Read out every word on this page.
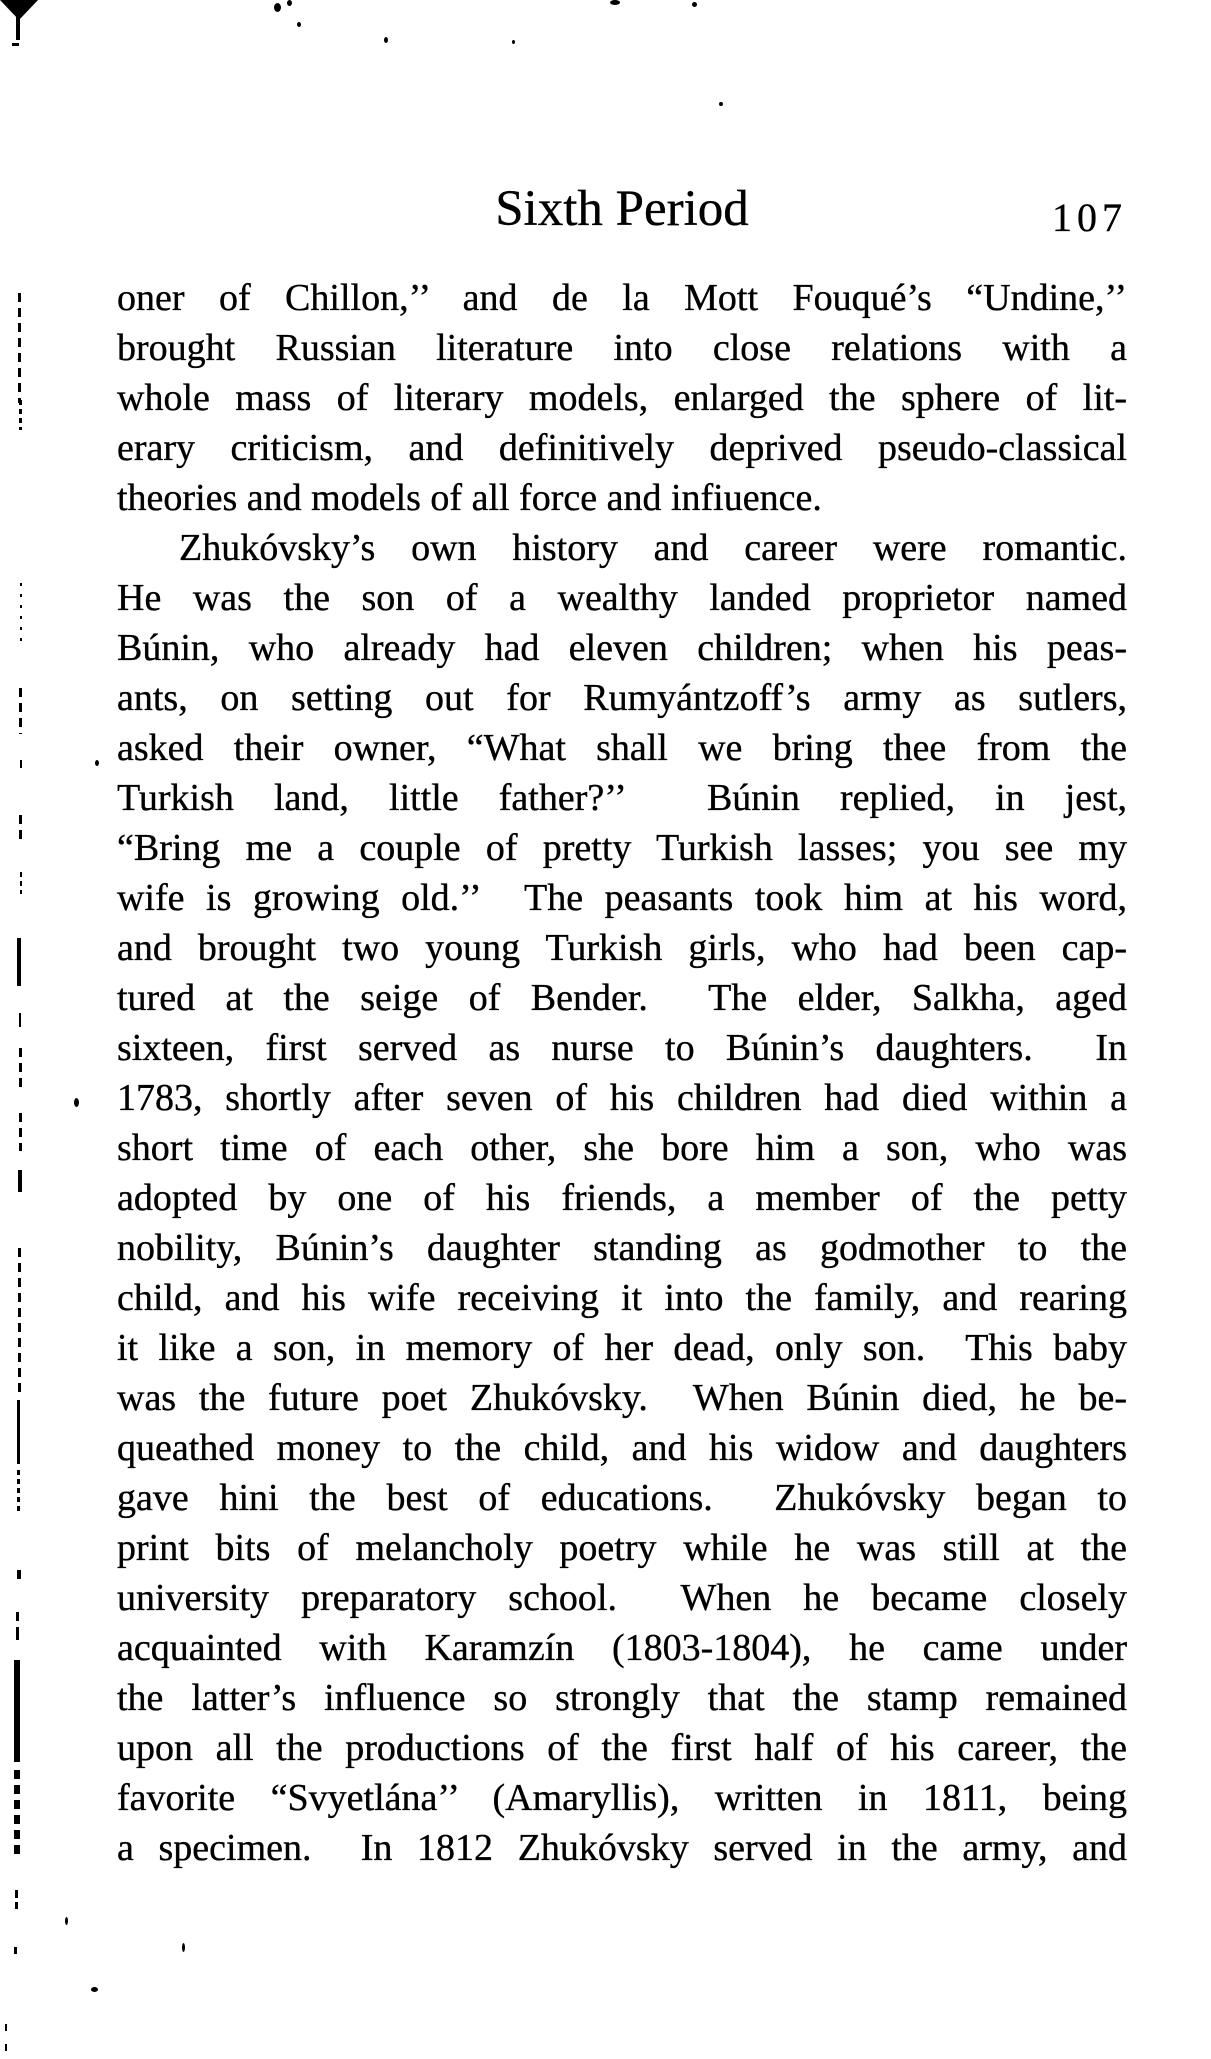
Sixth Period	107
oner of Chillon,’’ and de la Mott Fouqué’s “Undine,’’
brought Russian literature into close relations with a
whole mass of literary models, enlarged the sphere of lit-
erary criticism, and definitively deprived pseudo-classical
theories and models of all force and infiuence.
Zhukóvsky’s own history and career were romantic.
He was the son of a wealthy landed proprietor named
Búnin, who already had eleven children; when his peas-
ants, on setting out for Rumyántzoff’s army as sutlers,
asked their owner, “What shall we bring thee from the
Turkish land, little father?’’  Búnin replied, in jest,
“Bring me a couple of pretty Turkish lasses; you see my
wife is growing old.’’  The peasants took him at his word,
and brought two young Turkish girls, who had been cap-
tured at the seige of Bender.  The elder, Salkha, aged
sixteen, first served as nurse to Búnin’s daughters.  In
1783, shortly after seven of his children had died within a
short time of each other, she bore him a son, who was
adopted by one of his friends, a member of the petty
nobility, Búnin’s daughter standing as godmother to the
child, and his wife receiving it into the family, and rearing
it like a son, in memory of her dead, only son.  This baby
was the future poet Zhukóvsky.  When Búnin died, he be-
queathed money to the child, and his widow and daughters
gave hini the best of educations.  Zhukóvsky began to
print bits of melancholy poetry while he was still at the
university preparatory school.  When he became closely
acquainted with Karamzín (1803-1804), he came under
the latter’s influence so strongly that the stamp remained
upon all the productions of the first half of his career, the
favorite “Svyetlána’’ (Amaryllis), written in 1811, being
a specimen.  In 1812 Zhukóvsky served in the army, and
